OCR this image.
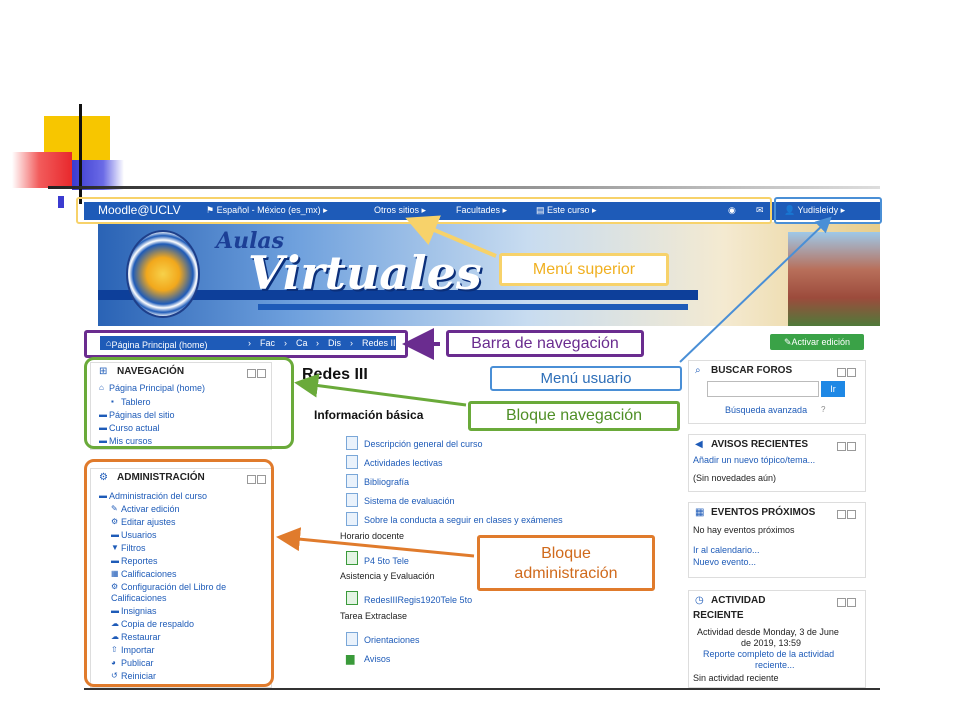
Moodle@UCLV	⚑ Español - México (es_mx) ▸	Otros sitios ▸	Facultades ▸	▤ Este curso ▸	◉ ✉ 👤 Yudisleidy ▸
Aulas
Virtuales
⌂ Página Principal (home)	› Fac › Ca › Dis › Redes III	✎Activar edición
⊞ NAVEGACIÓN
⌂ Página Principal (home)
▪ Tablero
▬ Páginas del sitio
▬ Curso actual
▬ Mis cursos
⚙ ADMINISTRACIÓN
▬ Administración del curso
✎ Activar edición
⚙ Editar ajustes
▬ Usuarios
▼ Filtros
▬ Reportes
▦ Calificaciones
⚙ Configuración del Libro de
Calificaciones
▬ Insignias
☁ Copia de respaldo
☁ Restaurar
⇧ Importar
◕ Publicar
↺ Reiniciar
Redes III
Información básica
Descripción general del curso
Actividades lectivas
Bibliografía
Sistema de evaluación
Sobre la conducta a seguir en clases y exámenes
Horario docente
P4 5to Tele
Asistencia y Evaluación
RedesIIIRegis1920Tele 5to
Tarea Extraclase
Orientaciones
▆ Avisos
⌕ BUSCAR FOROS
Ir
Búsqueda avanzada ?
◀ AVISOS RECIENTES
Añadir un nuevo tópico/tema...
(Sin novedades aún)
▦ EVENTOS PRÓXIMOS
No hay eventos próximos
Ir al calendario...
Nuevo evento...
◷ ACTIVIDAD
RECIENTE
Actividad desde Monday, 3 de June
de 2019, 13:59
Reporte completo de la actividad
reciente...
Sin actividad reciente
Menú superior
Barra de navegación
Menú usuario
Bloque navegación
Bloque
administración
